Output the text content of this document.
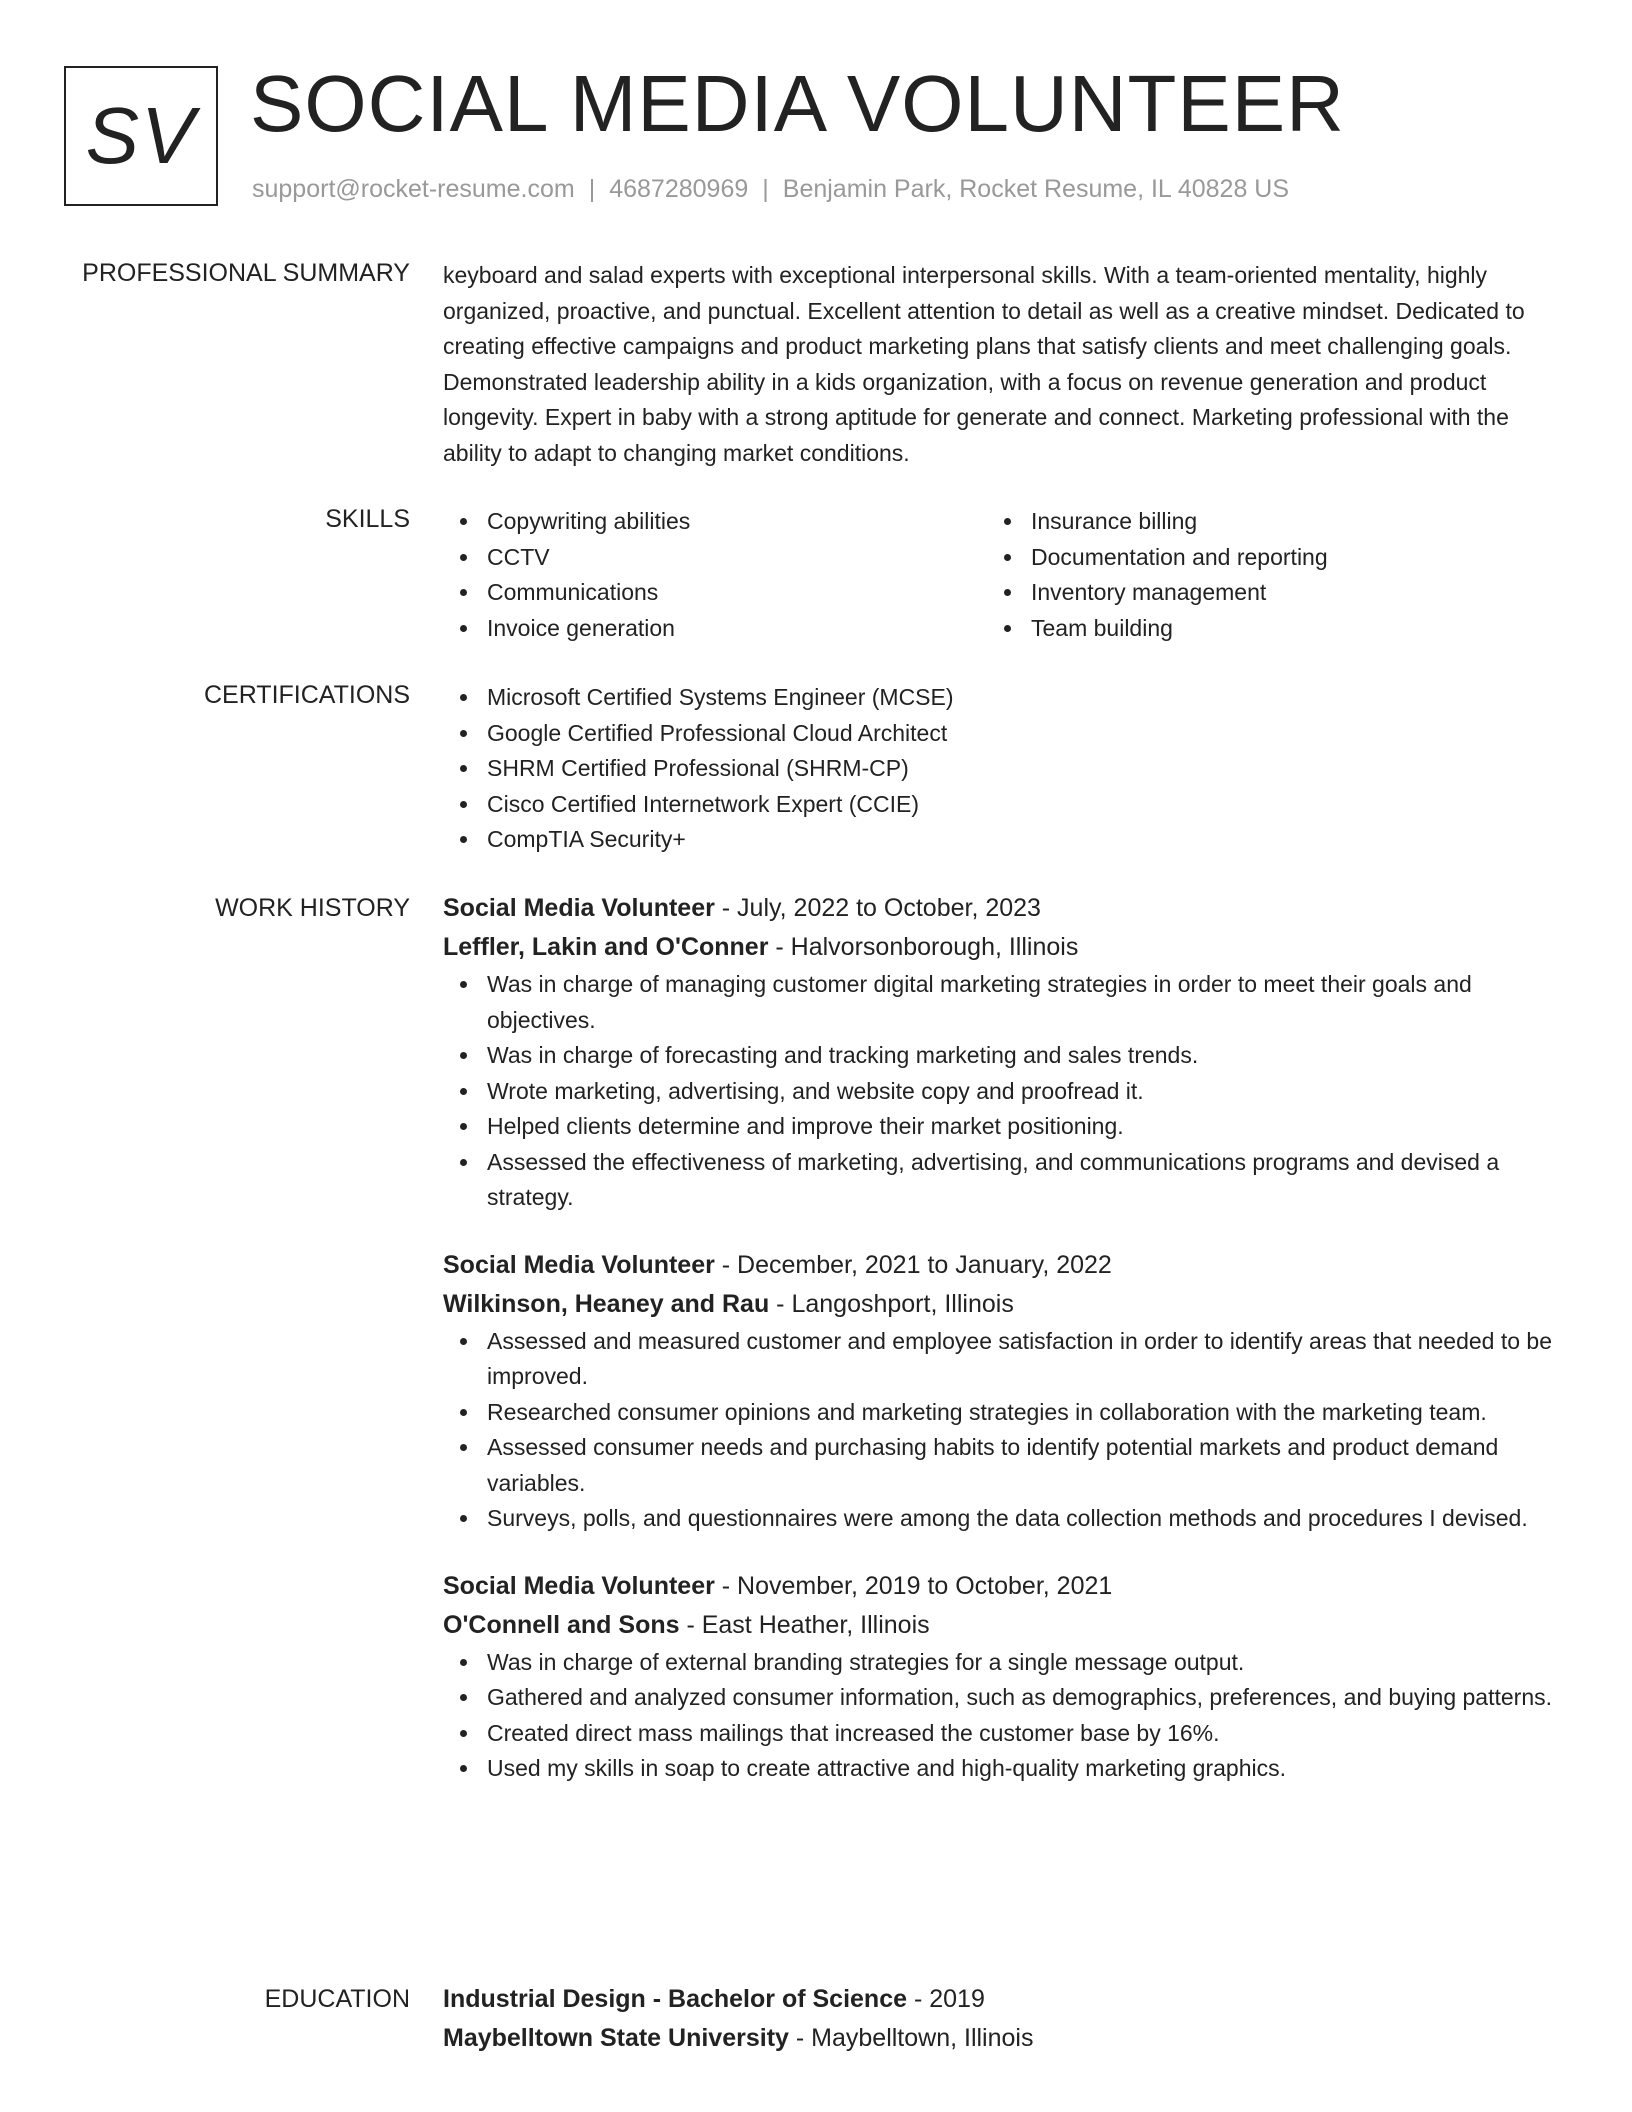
SV SOCIAL MEDIA VOLUNTEER
support@rocket-resume.com | 4687280969 | Benjamin Park, Rocket Resume, IL 40828 US
PROFESSIONAL SUMMARY keyboard and salad experts with exceptional interpersonal skills. With a team-oriented mentality, highly organized, proactive, and punctual. Excellent attention to detail as well as a creative mindset. Dedicated to creating effective campaigns and product marketing plans that satisfy clients and meet challenging goals. Demonstrated leadership ability in a kids organization, with a focus on revenue generation and product longevity. Expert in baby with a strong aptitude for generate and connect. Marketing professional with the ability to adapt to changing market conditions.
SKILLS	Copywriting abilities	Insurance billing
CCTV	Documentation and reporting
Communications	Inventory management
Invoice generation	Team building
CERTIFICATIONS	Microsoft Certified Systems Engineer (MCSE)
Google Certified Professional Cloud Architect
SHRM Certified Professional (SHRM-CP)
Cisco Certified Internetwork Expert (CCIE)
CompTIA Security+
WORK HISTORY Social Media Volunteer - July, 2022 to October, 2023
Leffler, Lakin and O'Conner - Halvorsonborough, Illinois
Was in charge of managing customer digital marketing strategies in order to meet their goals and objectives.
Was in charge of forecasting and tracking marketing and sales trends.
Wrote marketing, advertising, and website copy and proofread it.
Helped clients determine and improve their market positioning.
Assessed the effectiveness of marketing, advertising, and communications programs and devised a strategy.
Social Media Volunteer - December, 2021 to January, 2022
Wilkinson, Heaney and Rau - Langoshport, Illinois
Assessed and measured customer and employee satisfaction in order to identify areas that needed to be improved.
Researched consumer opinions and marketing strategies in collaboration with the marketing team.
Assessed consumer needs and purchasing habits to identify potential markets and product demand variables.
Surveys, polls, and questionnaires were among the data collection methods and procedures I devised.
Social Media Volunteer - November, 2019 to October, 2021
O'Connell and Sons - East Heather, Illinois
Was in charge of external branding strategies for a single message output.
Gathered and analyzed consumer information, such as demographics, preferences, and buying patterns.
Created direct mass mailings that increased the customer base by 16%.
Used my skills in soap to create attractive and high-quality marketing graphics.
EDUCATION Industrial Design - Bachelor of Science - 2019
Maybelltown State University - Maybelltown, Illinois
